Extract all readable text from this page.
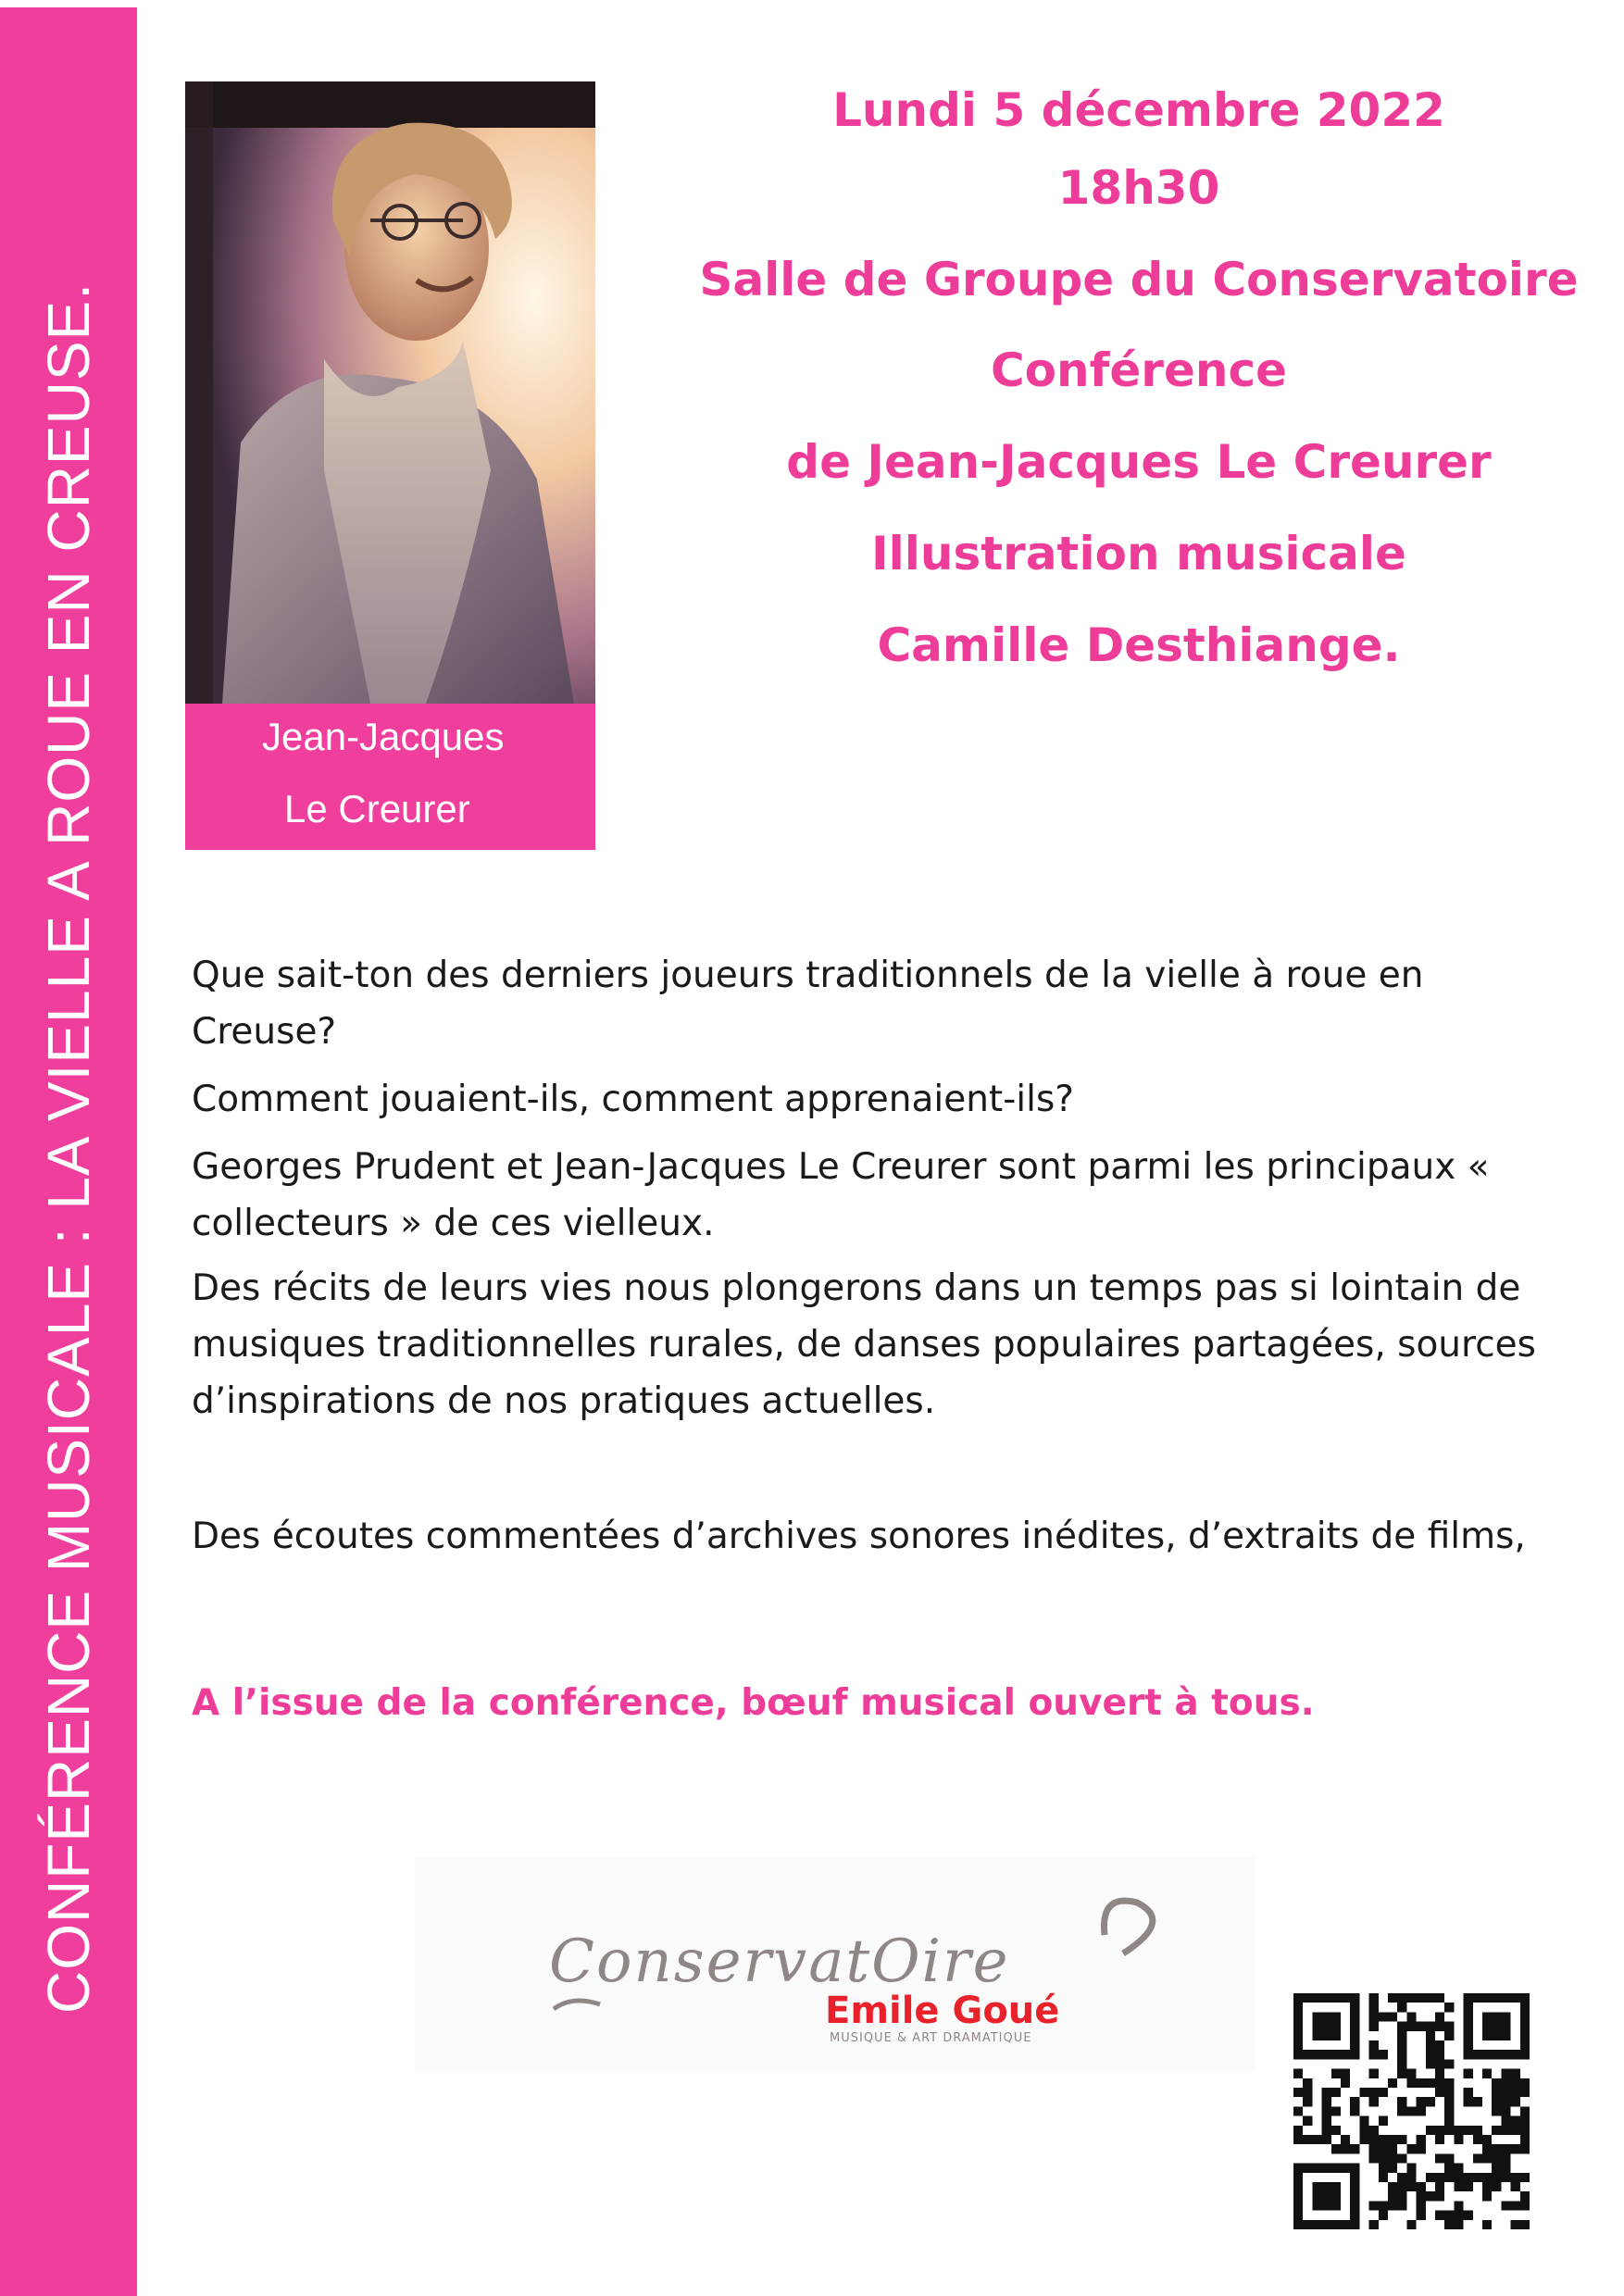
CONFÉRENCE MUSICALE : LA VIELLE A ROUE EN CREUSE.	Jean-Jacques
Le Creurer
Lundi 5 décembre 2022
18h30
Salle de Groupe du Conservatoire
Conférence
de Jean-Jacques Le Creurer
Illustration musicale
Camille Desthiange.
Que sait-ton des derniers joueurs traditionnels de la vielle à roue en Creuse?
Comment jouaient-ils, comment apprenaient-ils?
Georges Prudent et Jean-Jacques Le Creurer sont parmi les principaux « collecteurs » de ces vielleux.
Des récits de leurs vies nous plongerons dans un temps pas si lointain de musiques traditionnelles rurales, de danses populaires partagées, sources d’inspirations de nos pratiques actuelles.
Des écoutes commentées d’archives sonores inédites, d’extraits de films,
A l’issue de la conférence, bœuf musical ouvert à tous.
ConservatOire
Emile Goué
MUSIQUE & ART DRAMATIQUE
